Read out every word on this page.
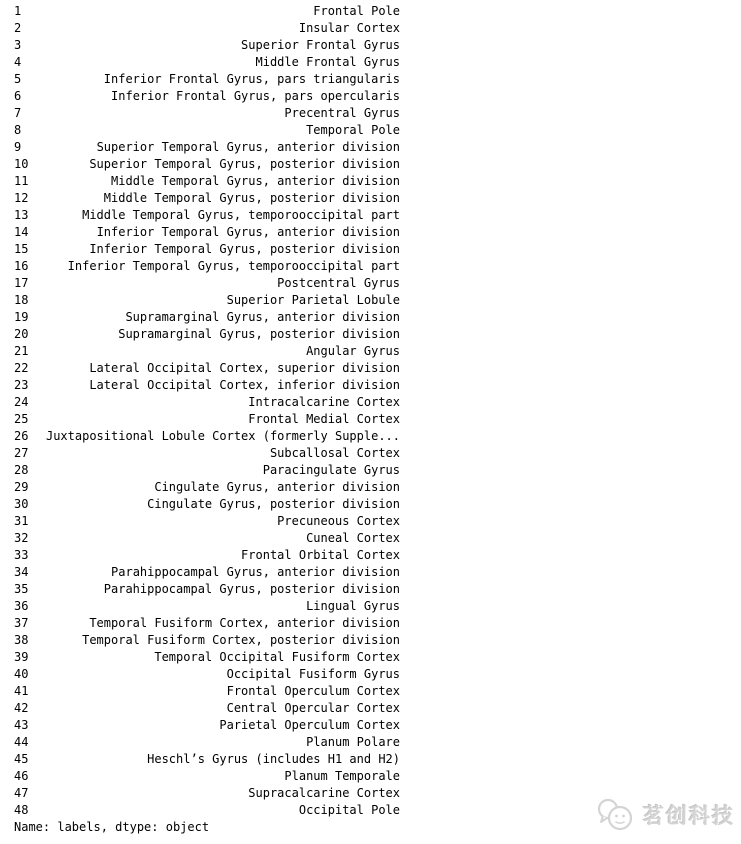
1	Frontal Pole
2	Insular Cortex
3	Superior Frontal Gyrus
4	Middle Frontal Gyrus
5	Inferior Frontal Gyrus, pars triangularis
6	Inferior Frontal Gyrus, pars opercularis
7	Precentral Gyrus
8	Temporal Pole
9	Superior Temporal Gyrus, anterior division
10	Superior Temporal Gyrus, posterior division
11	Middle Temporal Gyrus, anterior division
12	Middle Temporal Gyrus, posterior division
13	Middle Temporal Gyrus, temporooccipital part
14	Inferior Temporal Gyrus, anterior division
15	Inferior Temporal Gyrus, posterior division
16	Inferior Temporal Gyrus, temporooccipital part
17	Postcentral Gyrus
18	Superior Parietal Lobule
19	Supramarginal Gyrus, anterior division
20	Supramarginal Gyrus, posterior division
21	Angular Gyrus
22	Lateral Occipital Cortex, superior division
23	Lateral Occipital Cortex, inferior division
24	Intracalcarine Cortex
25	Frontal Medial Cortex
26 Juxtapositional Lobule Cortex (formerly Supple...
27	Subcallosal Cortex
28	Paracingulate Gyrus
29	Cingulate Gyrus, anterior division
30	Cingulate Gyrus, posterior division
31	Precuneous Cortex
32	Cuneal Cortex
33	Frontal Orbital Cortex
34	Parahippocampal Gyrus, anterior division
35	Parahippocampal Gyrus, posterior division
36	Lingual Gyrus
37	Temporal Fusiform Cortex, anterior division
38	Temporal Fusiform Cortex, posterior division
39	Temporal Occipital Fusiform Cortex
40	Occipital Fusiform Gyrus
41	Frontal Operculum Cortex
42	Central Opercular Cortex
43	Parietal Operculum Cortex
44	Planum Polare
45	Heschl’s Gyrus (includes H1 and H2)
46	Planum Temporale
47	Supracalcarine Cortex
48	Occipital Pole
Name: labels, dtype: object	茗创科技
